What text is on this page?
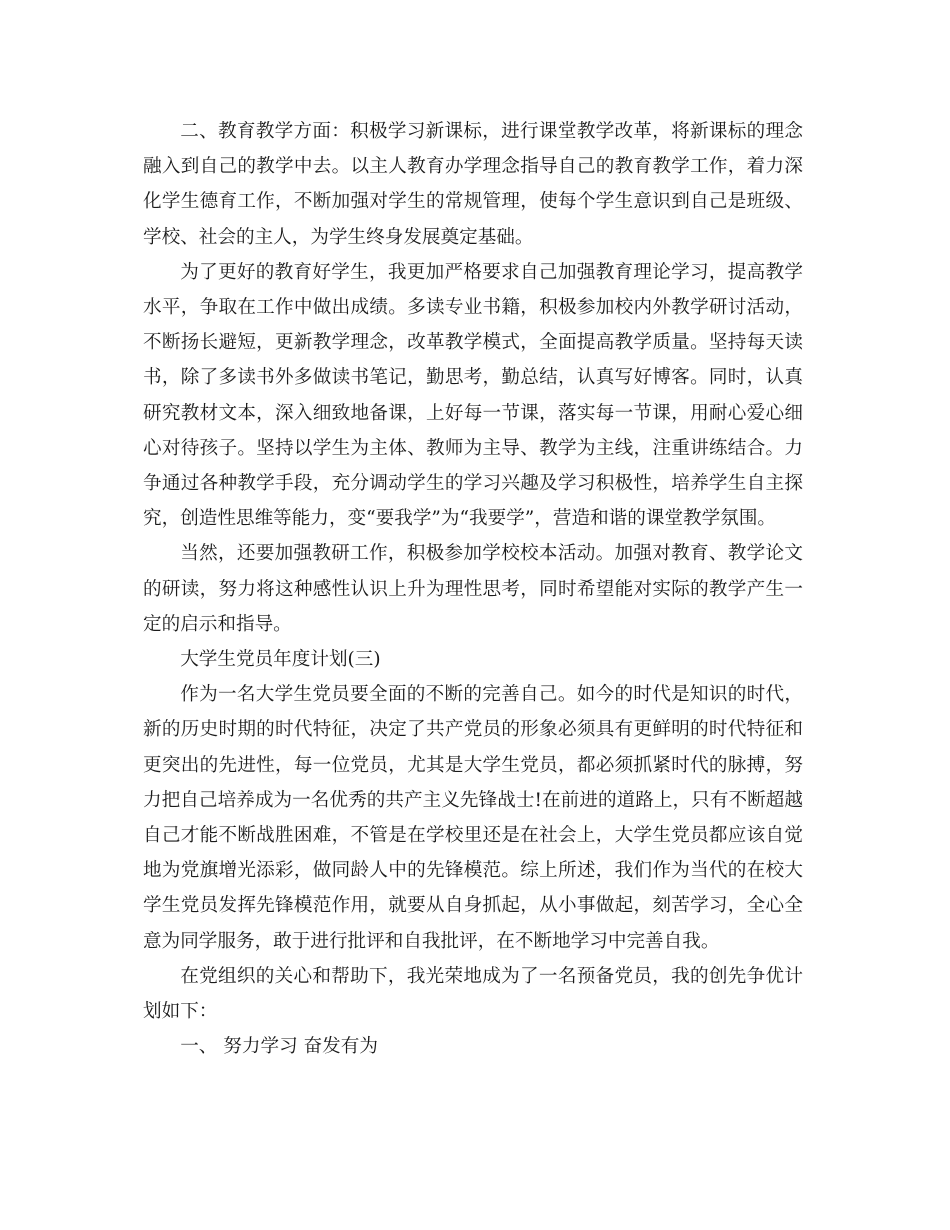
二、教育教学方面：积极学习新课标，进行课堂教学改革，将新课标的理念融入到自己的教学中去。以主人教育办学理念指导自己的教育教学工作，着力深化学生德育工作，不断加强对学生的常规管理，使每个学生意识到自己是班级、学校、社会的主人，为学生终身发展奠定基础。

为了更好的教育好学生，我更加严格要求自己加强教育理论学习，提高教学水平，争取在工作中做出成绩。多读专业书籍，积极参加校内外教学研讨活动，不断扬长避短，更新教学理念，改革教学模式，全面提高教学质量。坚持每天读书，除了多读书外多做读书笔记，勤思考，勤总结，认真写好博客。同时，认真研究教材文本，深入细致地备课，上好每一节课，落实每一节课，用耐心爱心细心对待孩子。坚持以学生为主体、教师为主导、教学为主线，注重讲练结合。力争通过各种教学手段，充分调动学生的学习兴趣及学习积极性，培养学生自主探究，创造性思维等能力，变“要我学”为“我要学”，营造和谐的课堂教学氛围。

当然，还要加强教研工作，积极参加学校校本活动。加强对教育、教学论文的研读，努力将这种感性认识上升为理性思考，同时希望能对实际的教学产生一定的启示和指导。

大学生党员年度计划(三)

作为一名大学生党员要全面的不断的完善自己。如今的时代是知识的时代，新的历史时期的时代特征，决定了共产党员的形象必须具有更鲜明的时代特征和更突出的先进性，每一位党员，尤其是大学生党员，都必须抓紧时代的脉搏，努力把自己培养成为一名优秀的共产主义先锋战士!在前进的道路上，只有不断超越自己才能不断战胜困难，不管是在学校里还是在社会上，大学生党员都应该自觉地为党旗增光添彩，做同龄人中的先锋模范。综上所述，我们作为当代的在校大学生党员发挥先锋模范作用，就要从自身抓起，从小事做起，刻苦学习，全心全意为同学服务，敢于进行批评和自我批评，在不断地学习中完善自我。

在党组织的关心和帮助下，我光荣地成为了一名预备党员，我的创先争优计划如下：

一、 努力学习 奋发有为
